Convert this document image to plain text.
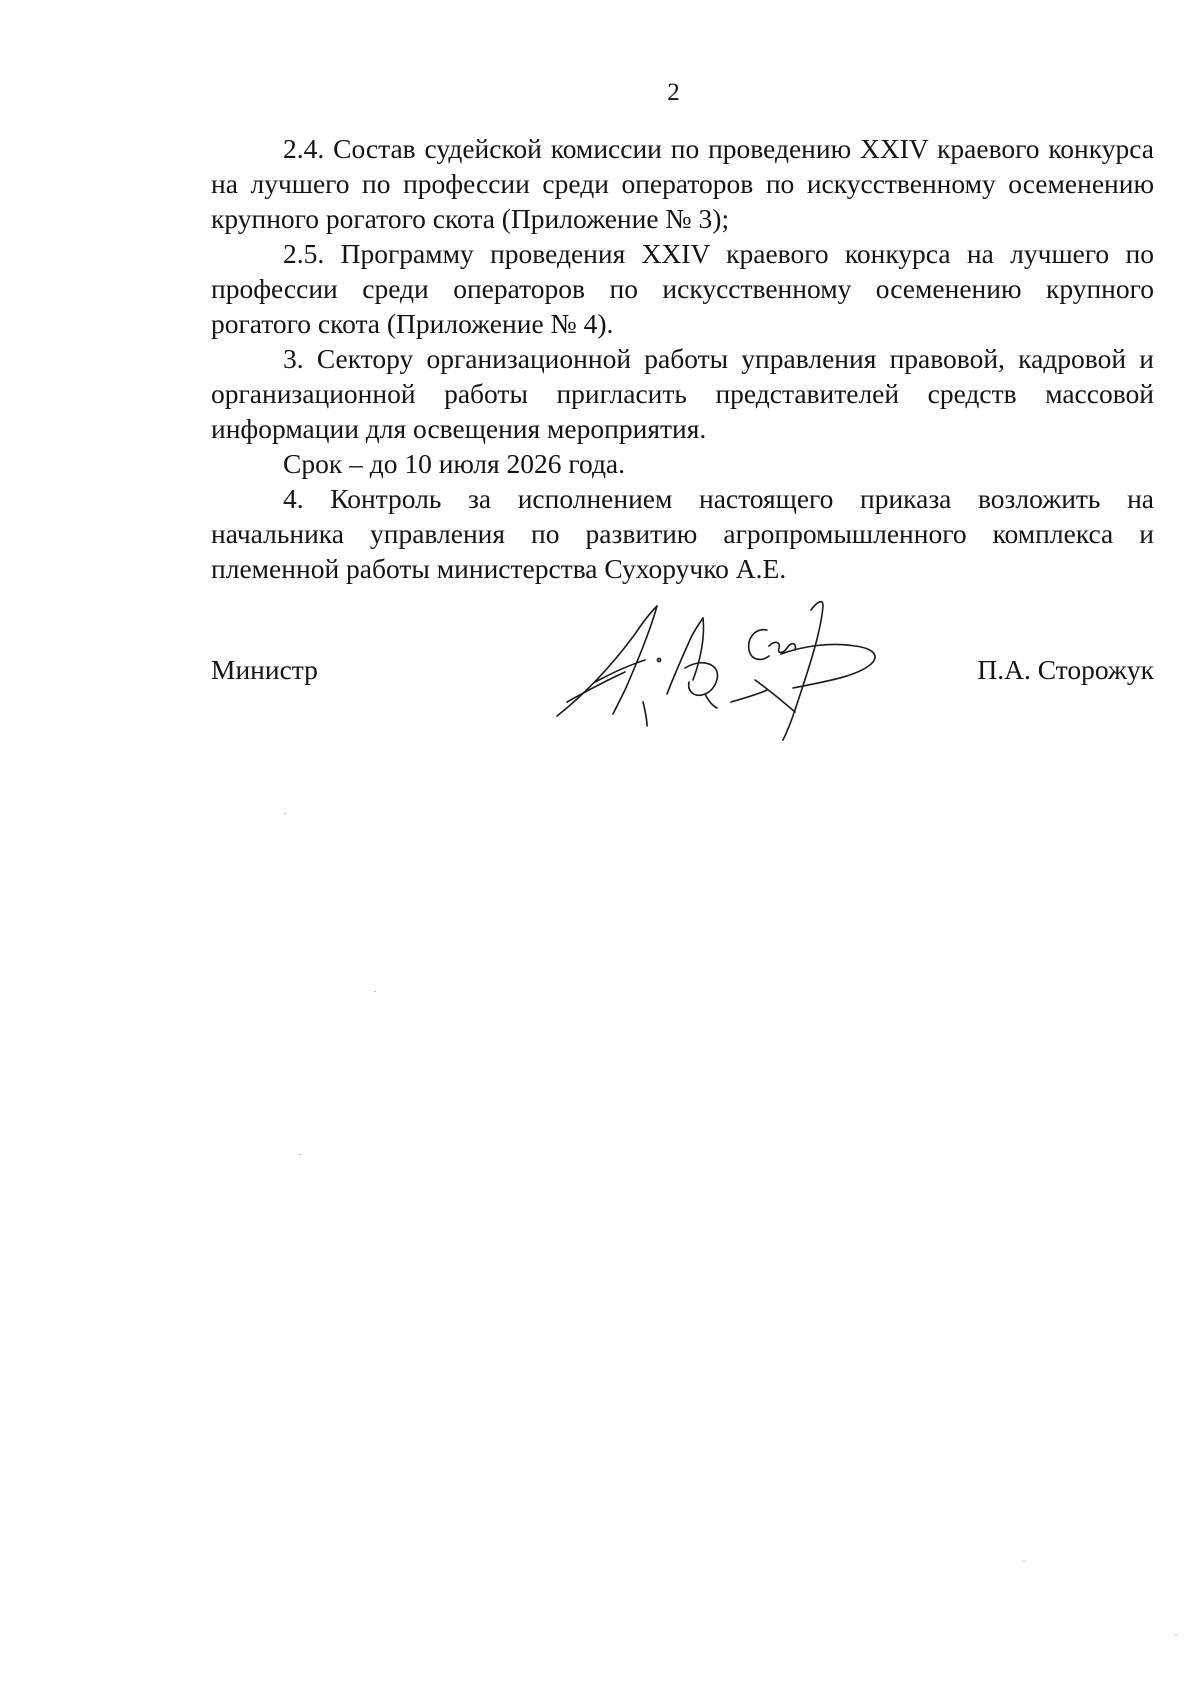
2

2.4. Состав судейской комиссии по проведению XXIV краевого конкурса на лучшего по профессии среди операторов по искусственному осеменению крупного рогатого скота (Приложение № 3);

2.5. Программу проведения XXIV краевого конкурса на лучшего по профессии среди операторов по искусственному осеменению крупного рогатого скота (Приложение № 4).

3. Сектору организационной работы управления правовой, кадровой и организационной работы пригласить представителей средств массовой информации для освещения мероприятия.

Срок – до 10 июля 2026 года.

4. Контроль за исполнением настоящего приказа возложить на начальника управления по развитию агропромышленного комплекса и племенной работы министерства Сухоручко А.Е.

Министр	П.А. Сторожук
